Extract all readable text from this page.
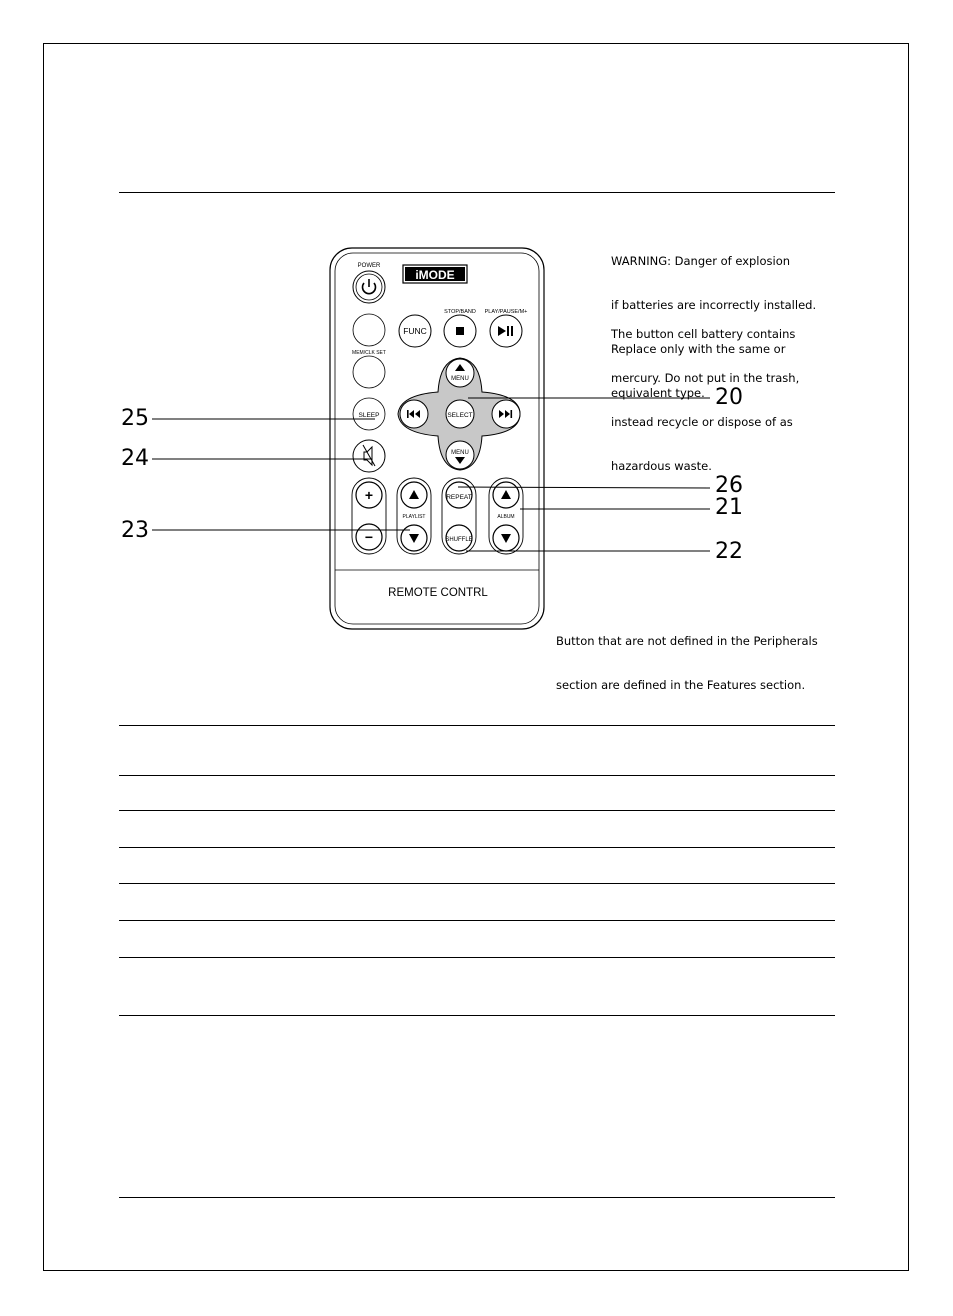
WARNING: Danger of explosion

if batteries are incorrectly installed.

Replace only with the same or

equivalent type.

The button cell battery contains

mercury. Do not put in the trash,

instead recycle or dispose of as

hazardous waste.

Button that are not defined in the Peripherals

section are defined in the Features section.

20
21
22
23
24
25
26
iMODE
POWER
FUNC
STOP/BAND PLAY/PAUSE/M+
MEM/CLK SET
MENU
SELECT
MENU
SLEEP
+
−
PLAYLIST
REPEAT
SHUFFLE
ALBUM
REMOTE CONTRL
